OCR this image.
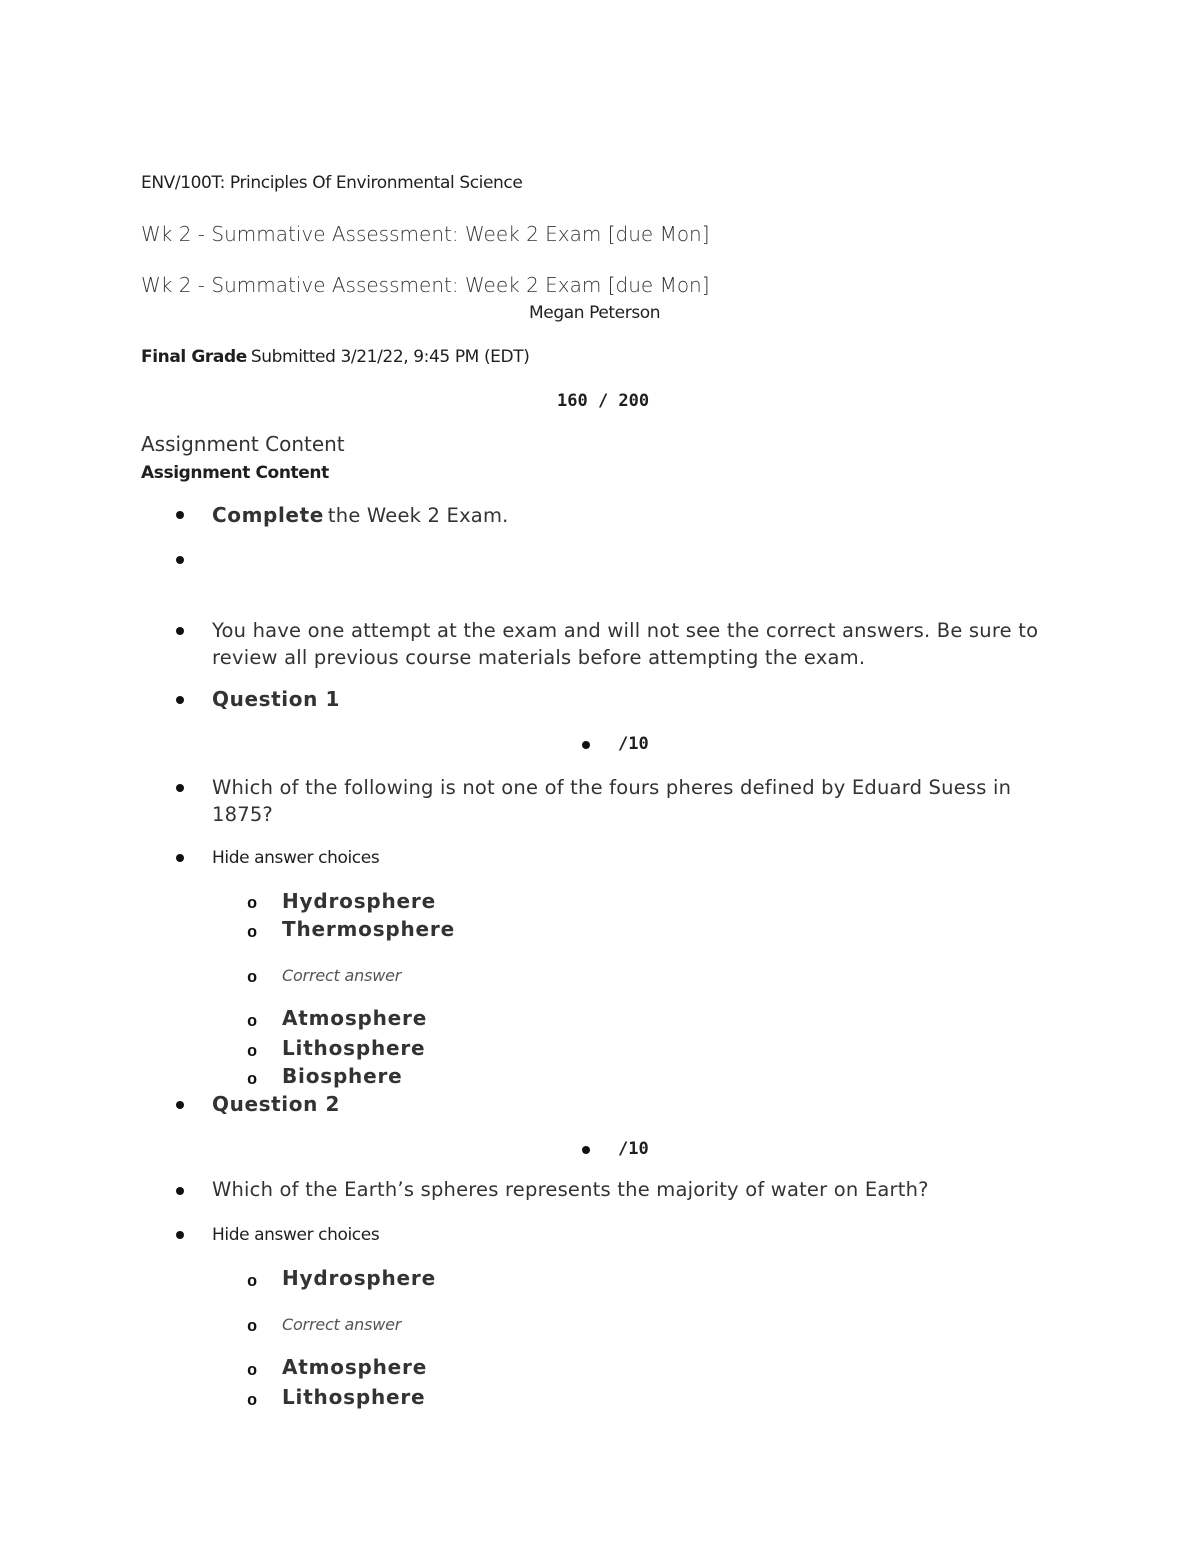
ENV/100T: Principles Of Environmental Science
Wk 2 - Summative Assessment: Week 2 Exam [due Mon]
Wk 2 - Summative Assessment: Week 2 Exam [due Mon]
Megan Peterson
Final Grade Submitted 3/21/22, 9:45 PM (EDT)
160 / 200
Assignment Content
Assignment Content
Complete the Week 2 Exam.
You have one attempt at the exam and will not see the correct answers. Be sure to review all previous course materials before attempting the exam.
Question 1
/10
Which of the following is not one of the fours pheres defined by Eduard Suess in 1875?
Hide answer choices
o Hydrosphere
o Thermosphere
o Correct answer
o Atmosphere
o Lithosphere
o Biosphere
Question 2
/10
Which of the Earth’s spheres represents the majority of water on Earth?
Hide answer choices
o Hydrosphere
o Correct answer
o Atmosphere
o Lithosphere
